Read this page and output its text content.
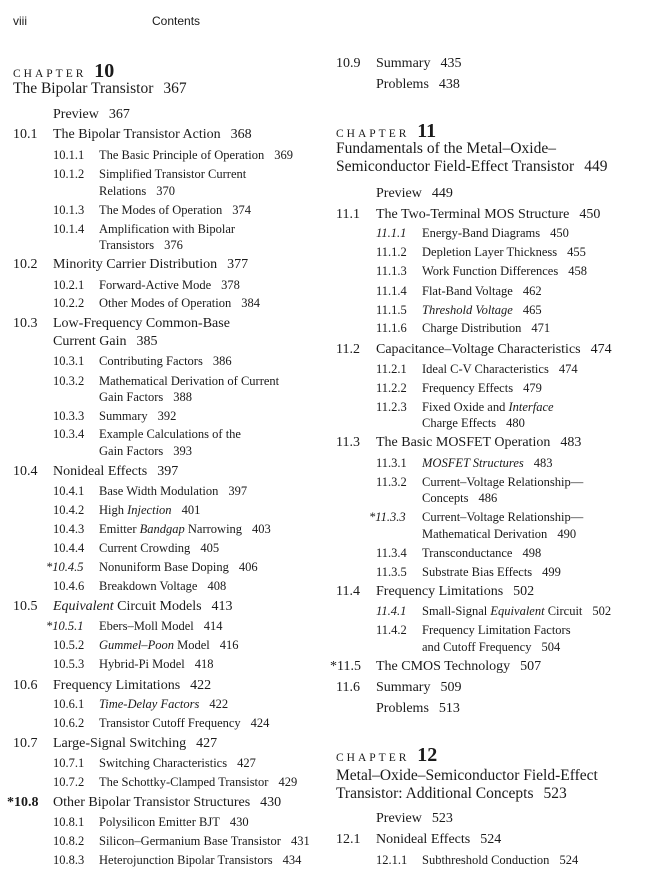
viii	Contents
CHAPTER 10
The Bipolar Transistor 367
Preview 367
10.1 The Bipolar Transistor Action 368
10.1.1 The Basic Principle of Operation 369
10.1.2 Simplified Transistor Current
Relations 370
10.1.3 The Modes of Operation 374
10.1.4 Amplification with Bipolar
Transistors 376
10.2 Minority Carrier Distribution 377
10.2.1 Forward-Active Mode 378
10.2.2 Other Modes of Operation 384
10.3 Low-Frequency Common-Base
Current Gain 385
10.3.1 Contributing Factors 386
10.3.2 Mathematical Derivation of Current
Gain Factors 388
10.3.3 Summary 392
10.3.4 Example Calculations of the
Gain Factors 393
10.4 Nonideal Effects 397
10.4.1 Base Width Modulation 397
10.4.2 High Injection 401
10.4.3 Emitter Bandgap Narrowing 403
10.4.4 Current Crowding 405
*10.4.5 Nonuniform Base Doping 406
10.4.6 Breakdown Voltage 408
10.5 Equivalent Circuit Models 413
*10.5.1 Ebers–Moll Model 414
10.5.2 Gummel–Poon Model 416
10.5.3 Hybrid-Pi Model 418
10.6 Frequency Limitations 422
10.6.1 Time-Delay Factors 422
10.6.2 Transistor Cutoff Frequency 424
10.7 Large-Signal Switching 427
10.7.1 Switching Characteristics 427
10.7.2 The Schottky-Clamped Transistor 429
*10.8 Other Bipolar Transistor Structures 430
10.8.1 Polysilicon Emitter BJT 430
10.8.2 Silicon–Germanium Base Transistor 431
10.8.3 Heterojunction Bipolar Transistors 434
10.9 Summary 435
Problems 438
CHAPTER 11
Fundamentals of the Metal–Oxide–
Semiconductor Field-Effect Transistor 449
Preview 449
11.1 The Two-Terminal MOS Structure 450
11.1.1 Energy-Band Diagrams 450
11.1.2 Depletion Layer Thickness 455
11.1.3 Work Function Differences 458
11.1.4 Flat-Band Voltage 462
11.1.5 Threshold Voltage 465
11.1.6 Charge Distribution 471
11.2 Capacitance–Voltage Characteristics 474
11.2.1 Ideal C-V Characteristics 474
11.2.2 Frequency Effects 479
11.2.3 Fixed Oxide and Interface
Charge Effects 480
11.3 The Basic MOSFET Operation 483
11.3.1 MOSFET Structures 483
11.3.2 Current–Voltage Relationship—
Concepts 486
*11.3.3 Current–Voltage Relationship—
Mathematical Derivation 490
11.3.4 Transconductance 498
11.3.5 Substrate Bias Effects 499
11.4 Frequency Limitations 502
11.4.1 Small-Signal Equivalent Circuit 502
11.4.2 Frequency Limitation Factors
and Cutoff Frequency 504
*11.5 The CMOS Technology 507
11.6 Summary 509
Problems 513
CHAPTER 12
Metal–Oxide–Semiconductor Field-Effect
Transistor: Additional Concepts 523
Preview 523
12.1 Nonideal Effects 524
12.1.1 Subthreshold Conduction 524
